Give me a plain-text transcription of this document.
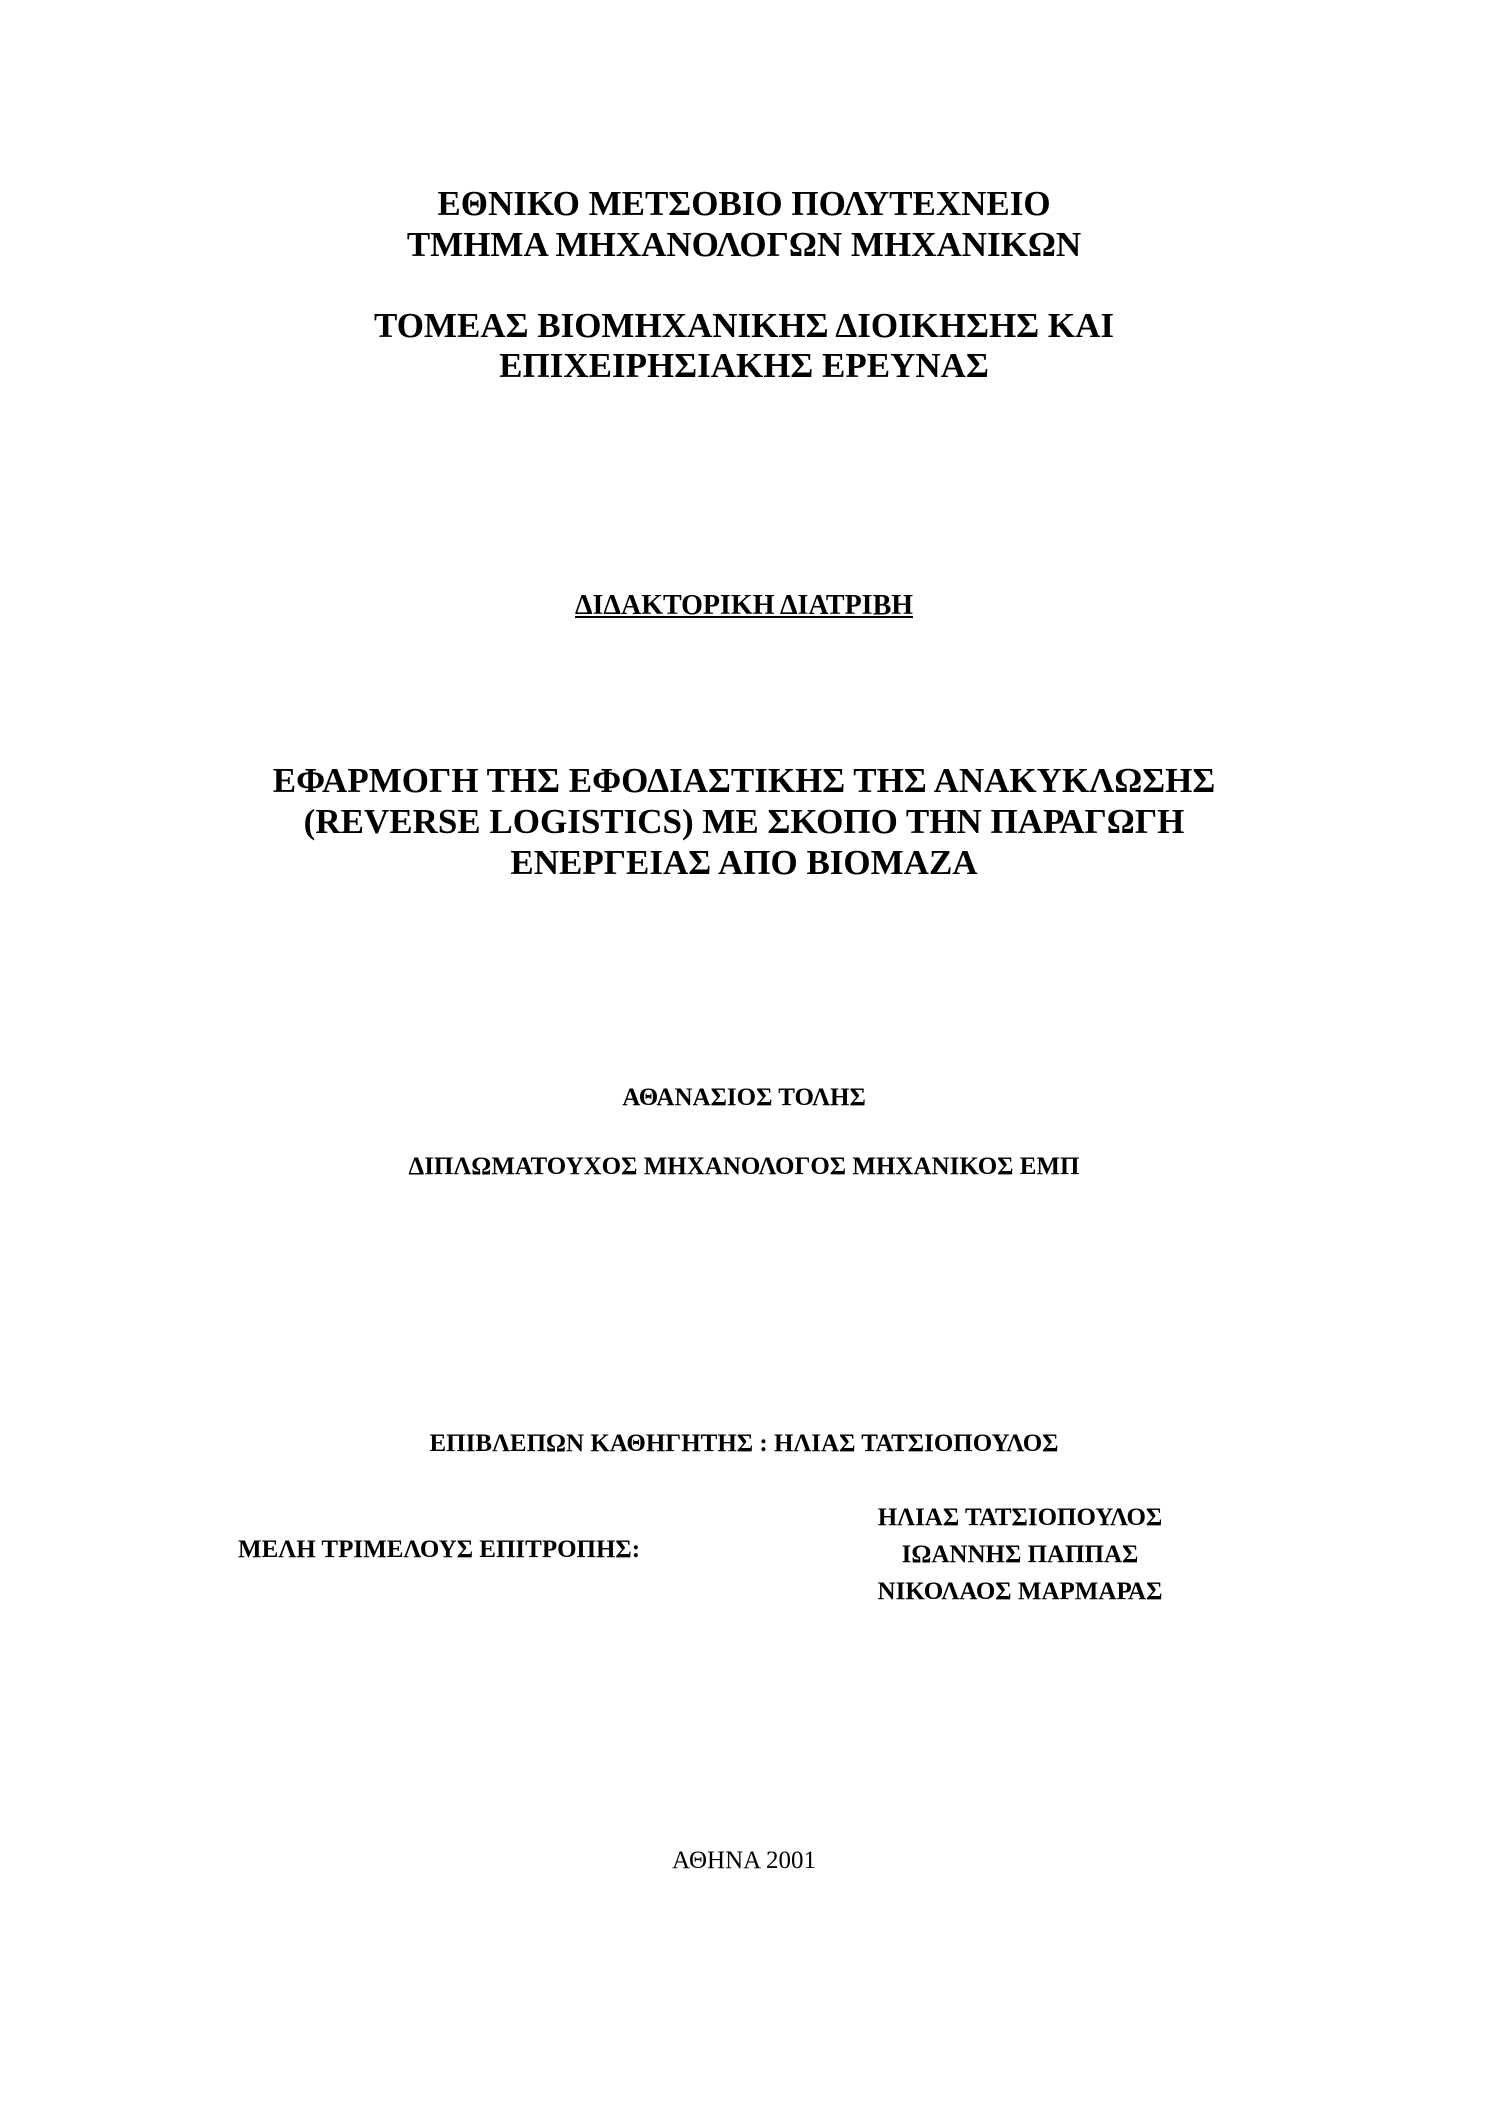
ΕΘΝΙΚΟ ΜΕΤΣΟΒΙΟ ΠΟΛΥΤΕΧΝΕΙΟ
ΤΜΗΜΑ ΜΗΧΑΝΟΛΟΓΩΝ ΜΗΧΑΝΙΚΩΝ
ΤΟΜΕΑΣ ΒΙΟΜΗΧΑΝΙΚΗΣ ΔΙΟΙΚΗΣΗΣ ΚΑΙ
ΕΠΙΧΕΙΡΗΣΙΑΚΗΣ ΕΡΕΥΝΑΣ
ΔΙΔΑΚΤΟΡΙΚΗ ΔΙΑΤΡΙΒΗ
ΕΦΑΡΜΟΓΗ ΤΗΣ ΕΦΟΔΙΑΣΤΙΚΗΣ ΤΗΣ ΑΝΑΚΥΚΛΩΣΗΣ
(REVERSE LOGISTICS) ΜΕ ΣΚΟΠΟ ΤΗΝ ΠΑΡΑΓΩΓΗ
ΕΝΕΡΓΕΙΑΣ ΑΠΟ ΒΙΟΜΑΖΑ
ΑΘΑΝΑΣΙΟΣ ΤΟΛΗΣ
ΔΙΠΛΩΜΑΤΟΥΧΟΣ ΜΗΧΑΝΟΛΟΓΟΣ ΜΗΧΑΝΙΚΟΣ ΕΜΠ
ΕΠΙΒΛΕΠΩΝ ΚΑΘΗΓΗΤΗΣ : ΗΛΙΑΣ ΤΑΤΣΙΟΠΟΥΛΟΣ
ΜΕΛΗ ΤΡΙΜΕΛΟΥΣ ΕΠΙΤΡΟΠΗΣ:
ΗΛΙΑΣ ΤΑΤΣΙΟΠΟΥΛΟΣ
ΙΩΑΝΝΗΣ ΠΑΠΠΑΣ
ΝΙΚΟΛΑΟΣ ΜΑΡΜΑΡΑΣ
ΑΘΗΝΑ 2001
